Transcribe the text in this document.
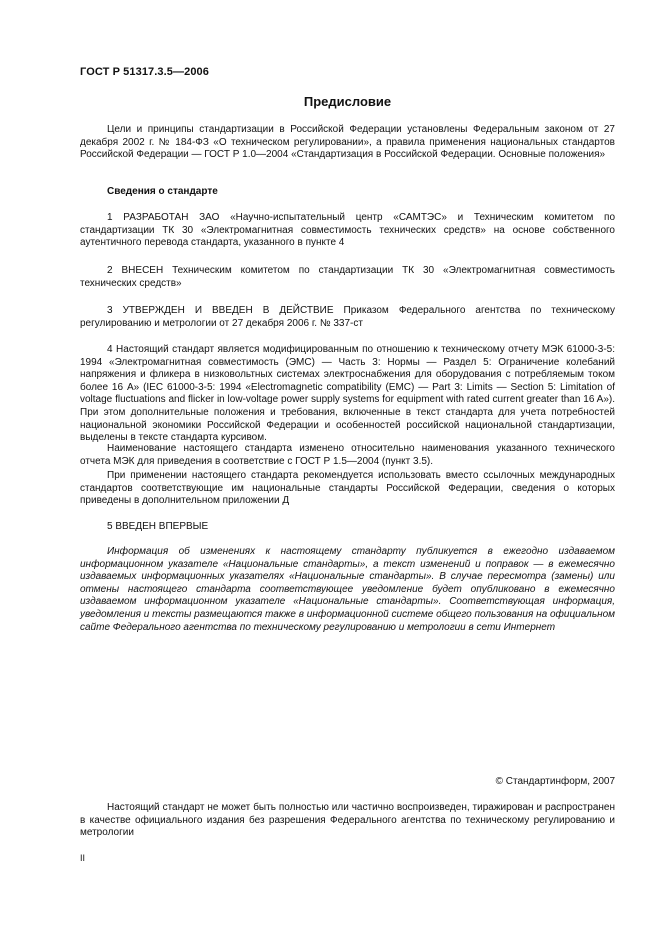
ГОСТ Р 51317.3.5—2006
Предисловие

Цели и принципы стандартизации в Российской Федерации установлены Федеральным законом от 27 декабря 2002 г. № 184-ФЗ «О техническом регулировании», а правила применения национальных стандартов Российской Федерации — ГОСТ Р 1.0—2004 «Стандартизация в Российской Федерации. Основные положения»

Сведения о стандарте

1 РАЗРАБОТАН ЗАО «Научно-испытательный центр «САМТЭС» и Техническим комитетом по стандартизации ТК 30 «Электромагнитная совместимость технических средств» на основе собственного аутентичного перевода стандарта, указанного в пункте 4

2 ВНЕСЕН Техническим комитетом по стандартизации ТК 30 «Электромагнитная совместимость технических средств»

3 УТВЕРЖДЕН И ВВЕДЕН В ДЕЙСТВИЕ Приказом Федерального агентства по техническому регулированию и метрологии от 27 декабря 2006 г. № 337-ст

4 Настоящий стандарт является модифицированным по отношению к техническому отчету МЭК 61000-3-5: 1994 «Электромагнитная совместимость (ЭМС) — Часть 3: Нормы — Раздел 5: Ограничение колебаний напряжения и фликера в низковольтных системах электроснабжения для оборудования с потребляемым током более 16 А» (IEC 61000-3-5: 1994 «Electromagnetic compatibility (EMC) — Part 3: Limits — Section 5: Limitation of voltage fluctuations and flicker in low-voltage power supply systems for equipment with rated current greater than 16 A»). При этом дополнительные положения и требования, включенные в текст стандарта для учета потребностей национальной экономики Российской Федерации и особенностей российской национальной стандартизации, выделены в тексте стандарта курсивом.

Наименование настоящего стандарта изменено относительно наименования указанного технического отчета МЭК для приведения в соответствие с ГОСТ Р 1.5—2004 (пункт 3.5).

При применении настоящего стандарта рекомендуется использовать вместо ссылочных международных стандартов соответствующие им национальные стандарты Российской Федерации, сведения о которых приведены в дополнительном приложении Д

5 ВВЕДЕН ВПЕРВЫЕ

Информация об изменениях к настоящему стандарту публикуется в ежегодно издаваемом информационном указателе «Национальные стандарты», а текст изменений и поправок — в ежемесячно издаваемых информационных указателях «Национальные стандарты». В случае пересмотра (замены) или отмены настоящего стандарта соответствующее уведомление будет опубликовано в ежемесячно издаваемом информационном указателе «Национальные стандарты». Соответствующая информация, уведомления и тексты размещаются также в информационной системе общего пользования на официальном сайте Федерального агентства по техническому регулированию и метрологии в сети Интернет

© Стандартинформ, 2007

Настоящий стандарт не может быть полностью или частично воспроизведен, тиражирован и распространен в качестве официального издания без разрешения Федерального агентства по техническому регулированию и метрологии

II
